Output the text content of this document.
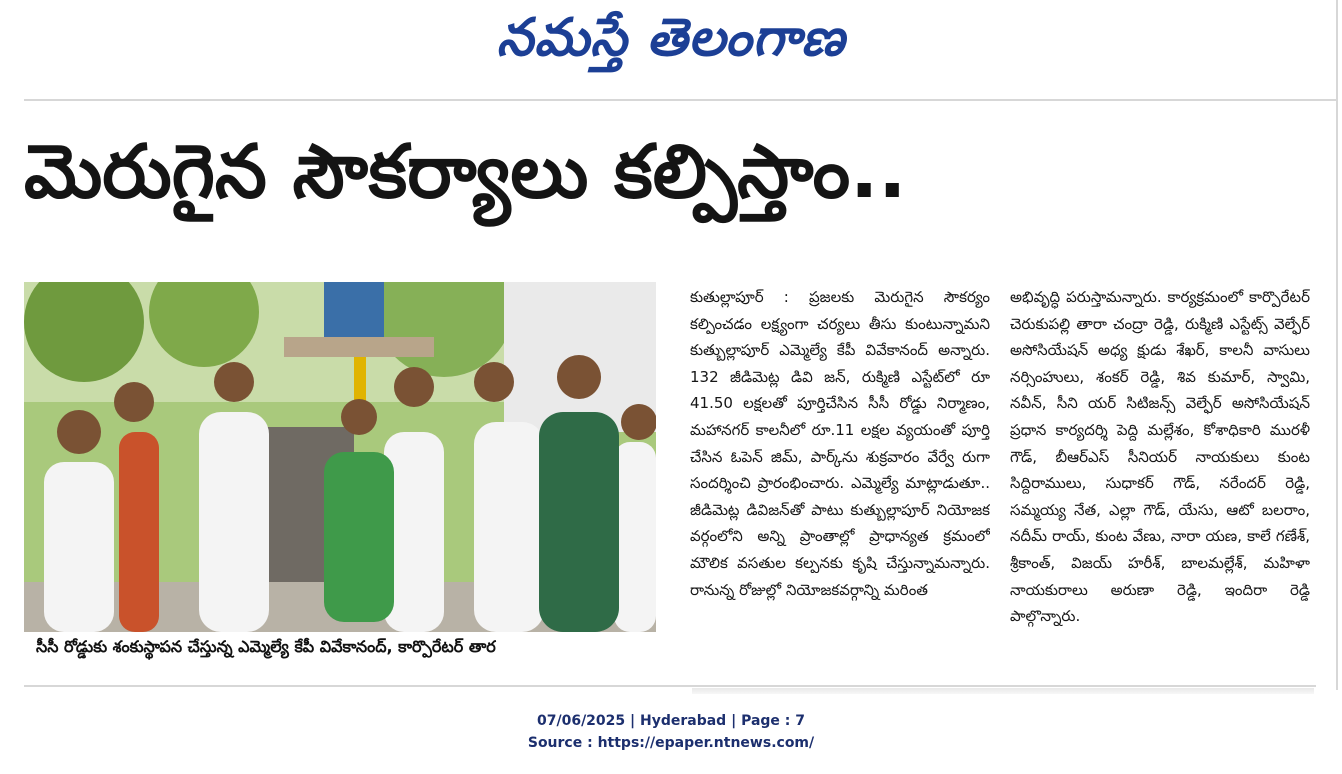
నమస్తే తెలంగాణ
మెరుగైన సౌకర్యాలు కల్పిస్తాం..
సీసీ రోడ్డుకు శంకుస్థాపన చేస్తున్న ఎమ్మెల్యే కేపీ వివేకానంద్, కార్పొరేటర్ తార

కుతుల్లాపూర్ : ప్రజలకు మెరుగైన సౌకర్యం కల్పించడం లక్ష్యంగా చర్యలు తీసు కుంటున్నామని కుత్బుల్లాపూర్ ఎమ్మెల్యే కేపీ వివేకానంద్ అన్నారు. 132 జీడిమెట్ల డివి జన్, రుక్మిణి ఎస్టేట్‌లో రూ 41.50 లక్షలతో పూర్తిచేసిన సీసీ రోడ్డు నిర్మాణం, మహానగర్ కాలనీలో రూ.11 లక్షల వ్యయంతో పూర్తి చేసిన ఓపెన్ జిమ్, పార్క్‌ను శుక్రవారం వేర్వే రుగా సందర్శించి ప్రారంభించారు. ఎమ్మెల్యే మాట్లాడుతూ.. జీడిమెట్ల డివిజన్‌తో పాటు కుత్బుల్లాపూర్ నియోజక వర్గంలోని అన్ని ప్రాంతాల్లో ప్రాధాన్యత క్రమంలో మౌలిక వసతుల కల్పనకు కృషి చేస్తున్నామన్నారు. రానున్న రోజుల్లో నియోజకవర్గాన్ని మరింత

అభివృద్ధి పరుస్తామన్నారు. కార్యక్రమంలో కార్పొరేటర్ చెరుకుపల్లి తారా చంద్రా రెడ్డి, రుక్మిణి ఎస్టేట్స్ వెల్ఫేర్ అసోసియేషన్ అధ్య క్షుడు శేఖర్, కాలనీ వాసులు నర్సింహులు, శంకర్ రెడ్డి, శివ కుమార్, స్వామి, నవీన్, సీని యర్ సిటిజన్స్ వెల్ఫేర్ అసోసియేషన్ ప్రధాన కార్యదర్శి పెద్ది మల్లేశం, కోశాధికారి మురళీ గౌడ్, బీఆర్ఎస్ సీనియర్ నాయకులు కుంట సిద్దిరాములు, సుధాకర్ గౌడ్, నరేందర్ రెడ్డి, సమ్మయ్య నేత, ఎల్లా గౌడ్, యేసు, ఆటో బలరాం, నదీమ్ రాయ్, కుంట వేణు, నారా యణ, కాలే గణేశ్, శ్రీకాంత్, విజయ్ హరీశ్, బాలమల్లేశ్, మహిళా నాయకురాలు అరుణా రెడ్డి, ఇందిరా రెడ్డి పాల్గొన్నారు.

07/06/2025 | Hyderabad | Page : 7
Source : https://epaper.ntnews.com/
